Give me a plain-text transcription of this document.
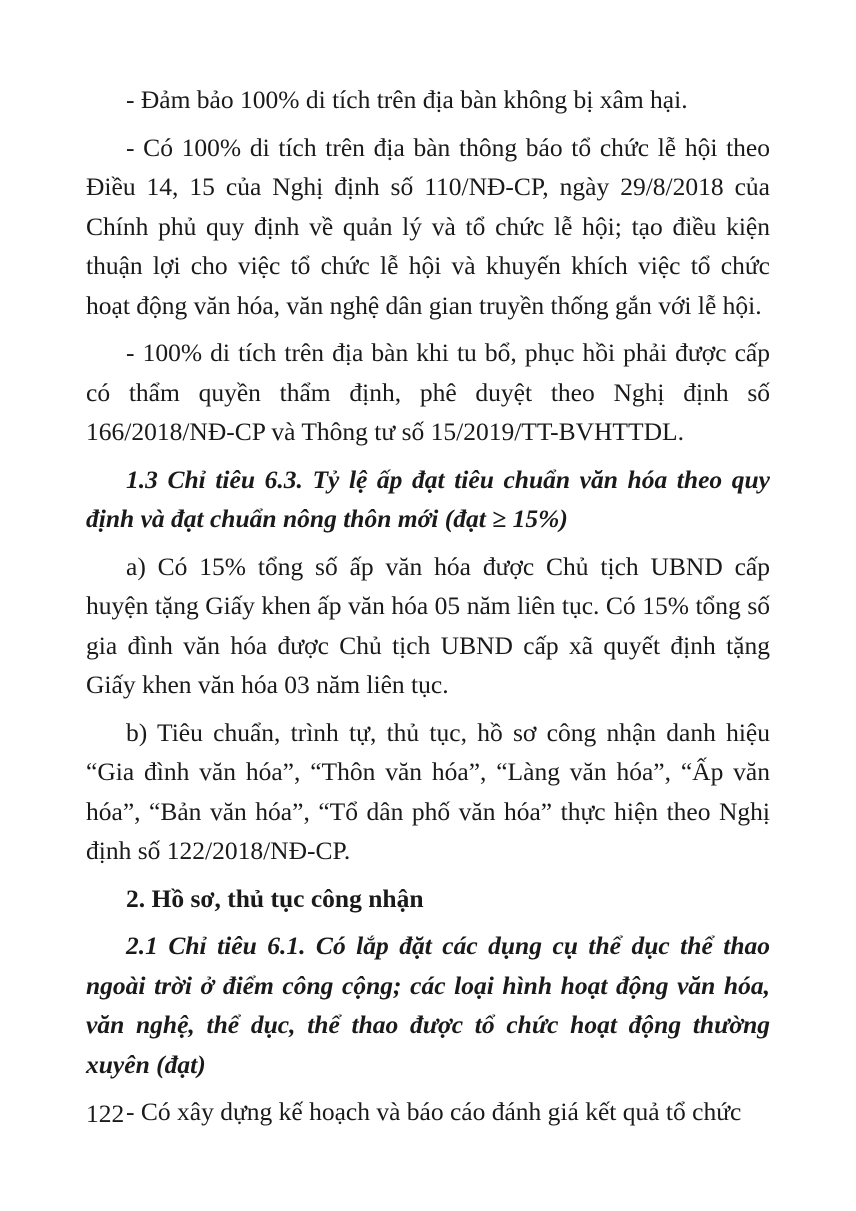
- Đảm bảo 100% di tích trên địa bàn không bị xâm hại.

- Có 100% di tích trên địa bàn thông báo tổ chức lễ hội theo Điều 14, 15 của Nghị định số 110/NĐ-CP, ngày 29/8/2018 của Chính phủ quy định về quản lý và tổ chức lễ hội; tạo điều kiện thuận lợi cho việc tổ chức lễ hội và khuyến khích việc tổ chức hoạt động văn hóa, văn nghệ dân gian truyền thống gắn với lễ hội.

- 100% di tích trên địa bàn khi tu bổ, phục hồi phải được cấp có thẩm quyền thẩm định, phê duyệt theo Nghị định số 166/2018/NĐ-CP và Thông tư số 15/2019/TT-BVHTTDL.

1.3 Chỉ tiêu 6.3. Tỷ lệ ấp đạt tiêu chuẩn văn hóa theo quy định và đạt chuẩn nông thôn mới (đạt ≥ 15%)

a) Có 15% tổng số ấp văn hóa được Chủ tịch UBND cấp huyện tặng Giấy khen ấp văn hóa 05 năm liên tục. Có 15% tổng số gia đình văn hóa được Chủ tịch UBND cấp xã quyết định tặng Giấy khen văn hóa 03 năm liên tục.

b) Tiêu chuẩn, trình tự, thủ tục, hồ sơ công nhận danh hiệu “Gia đình văn hóa”, “Thôn văn hóa”, “Làng văn hóa”, “Ấp văn hóa”, “Bản văn hóa”, “Tổ dân phố văn hóa” thực hiện theo Nghị định số 122/2018/NĐ-CP.

2. Hồ sơ, thủ tục công nhận

2.1 Chỉ tiêu 6.1. Có lắp đặt các dụng cụ thể dục thể thao ngoài trời ở điểm công cộng; các loại hình hoạt động văn hóa, văn nghệ, thể dục, thể thao được tổ chức hoạt động thường xuyên (đạt)

- Có xây dựng kế hoạch và báo cáo đánh giá kết quả tổ chức

122
